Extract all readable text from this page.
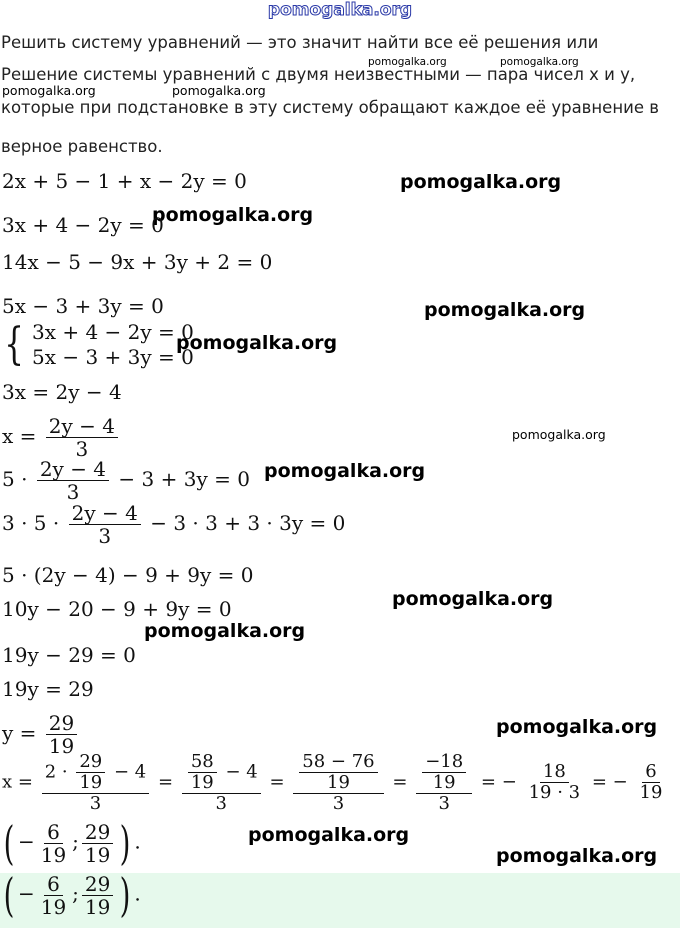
pomogalka.org
Решить систему уравнений — это значит найти все её решения или
Решение системы уравнений с двумя неизвестными — пара чисел x и y,
которые при подстановке в эту систему обращают каждое её уравнение в
верное равенство.
pomogalka.org	pomogalka.org
pomogalka.org	pomogalka.org
pomogalka.org
pomogalka.org
pomogalka.org
pomogalka.org
pomogalka.org
pomogalka.org
pomogalka.org
pomogalka.org
pomogalka.org
pomogalka.org
pomogalka.org
2x + 5 − 1 + x − 2y = 0
3x + 4 − 2y = 0
14x − 5 − 9x + 3y + 2 = 0
5x − 3 + 3y = 0
{ 3x + 4 − 2y = 0
5x − 3 + 3y = 0
3x = 2y − 4
$x = \frac{2y - 4}{3}$
$5 \cdot \frac{2y - 4}{3} - 3 + 3y = 0$
$3 \cdot 5 \cdot \frac{2y - 4}{3} - 3 \cdot 3 + 3 \cdot 3y = 0$
5 · (2y − 4) − 9 + 9y = 0
10y − 20 − 9 + 9y = 0
19y − 29 = 0
19y = 29
$y = \frac{29}{19}$
$x = \frac{2 \cdot \frac{29}{19} - 4}{3} = \frac{\frac{58}{19} - 4}{3} = \frac{\frac{58 - 76}{19}}{3} = \frac{\frac{-18}{19}}{3}$ = − $\frac{18}{19 \cdot 3}$ = − $\frac{6}{19}$
( − $\frac{6}{19}$ ; $\frac{29}{19}$ ) .
( − $\frac{6}{19}$ ; $\frac{29}{19}$ ) .
